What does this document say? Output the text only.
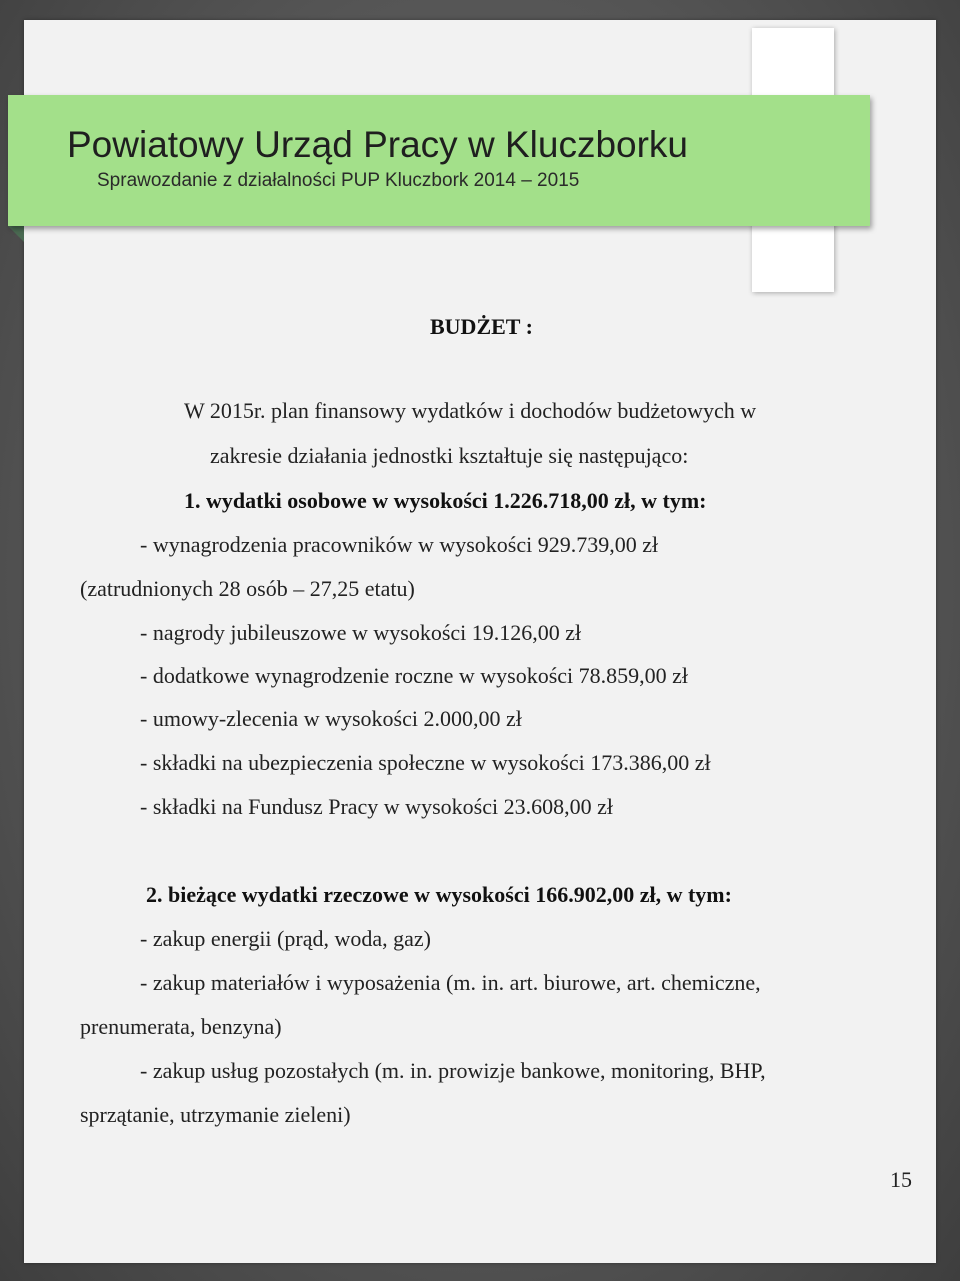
Powiatowy Urząd Pracy w Kluczborku
Sprawozdanie z działalności PUP Kluczbork 2014 – 2015
BUDŻET :
W 2015r. plan finansowy wydatków i dochodów budżetowych w
zakresie działania jednostki kształtuje się następująco:
1. wydatki osobowe w wysokości 1.226.718,00 zł, w tym:
- wynagrodzenia pracowników w wysokości 929.739,00 zł
(zatrudnionych 28 osób – 27,25 etatu)
- nagrody jubileuszowe w wysokości 19.126,00 zł
- dodatkowe wynagrodzenie roczne w wysokości 78.859,00 zł
- umowy-zlecenia w wysokości 2.000,00 zł
- składki na ubezpieczenia społeczne w wysokości 173.386,00 zł
- składki na Fundusz Pracy w wysokości 23.608,00 zł
2. bieżące wydatki rzeczowe w wysokości 166.902,00 zł, w tym:
- zakup energii (prąd, woda, gaz)
- zakup materiałów i wyposażenia (m. in. art. biurowe, art. chemiczne,
prenumerata, benzyna)
- zakup usług pozostałych (m. in. prowizje bankowe, monitoring, BHP,
sprzątanie, utrzymanie zieleni)
15
